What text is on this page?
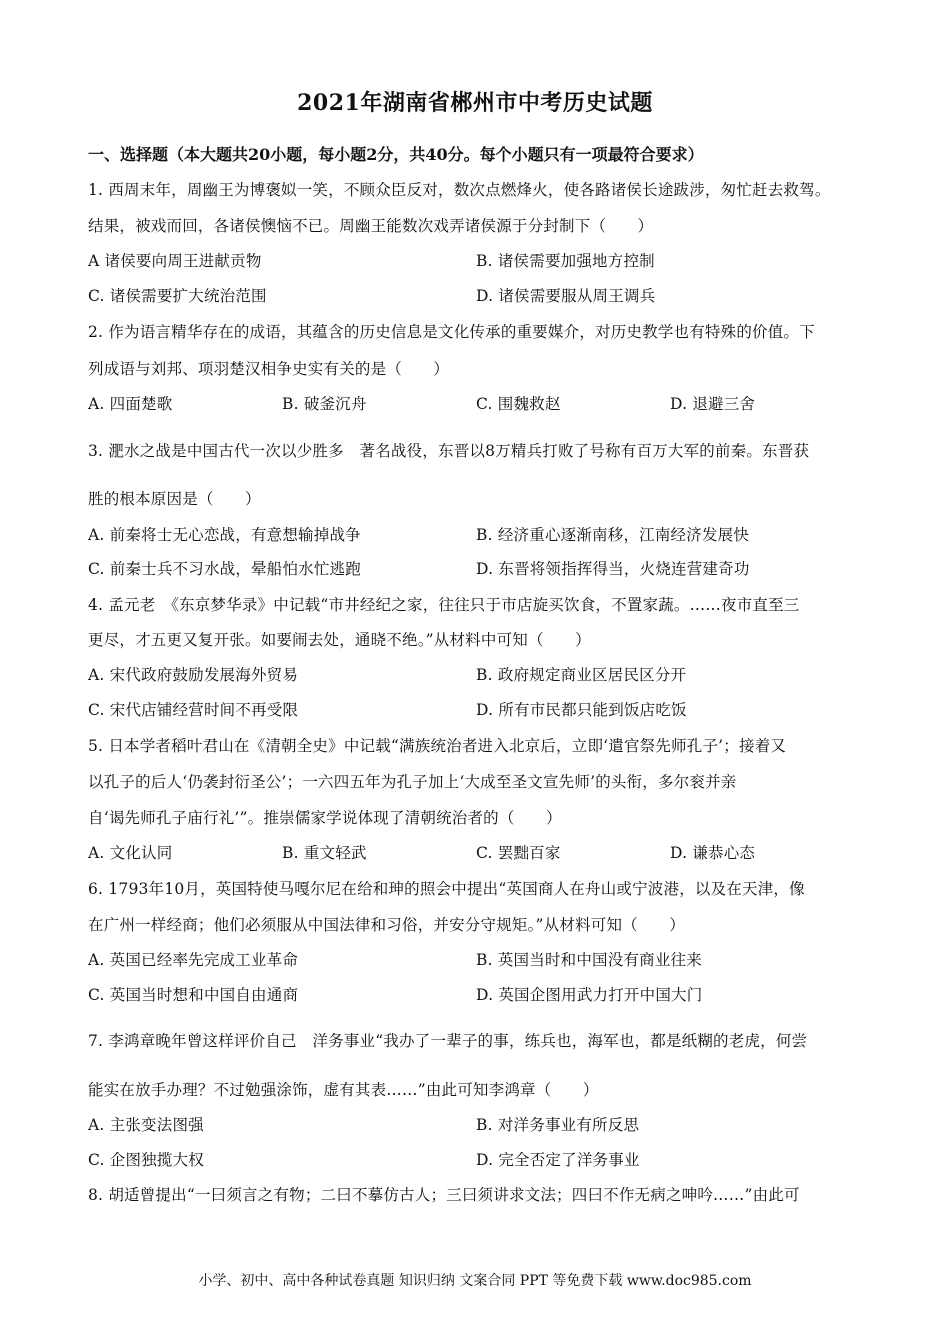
2021年湖南省郴州市中考历史试题
一、选择题（本大题共20小题，每小题2分，共40分。每个小题只有一项最符合要求）
1. 西周末年，周幽王为博褒姒一笑，不顾众臣反对，数次点燃烽火，使各路诸侯长途跋涉，匆忙赶去救驾。
结果，被戏而回，各诸侯懊恼不已。周幽王能数次戏弄诸侯源于分封制下（　　）
A 诸侯要向周王进献贡物	B. 诸侯需要加强地方控制
C. 诸侯需要扩大统治范围	D. 诸侯需要服从周王调兵
2. 作为语言精华存在的成语，其蕴含的历史信息是文化传承的重要媒介，对历史教学也有特殊的价值。下
列成语与刘邦、项羽楚汉相争史实有关的是（　　）
A. 四面楚歌	B. 破釜沉舟	C. 围魏救赵	D. 退避三舍
3. 淝水之战是中国古代一次以少胜多　著名战役，东晋以8万精兵打败了号称有百万大军的前秦。东晋获
胜的根本原因是（　　）
A. 前秦将士无心恋战，有意想输掉战争	B. 经济重心逐渐南移，江南经济发展快
C. 前秦士兵不习水战，晕船怕水忙逃跑	D. 东晋将领指挥得当，火烧连营建奇功
4. 孟元老　《东京梦华录》中记载“市井经纪之家，往往只于市店旋买饮食，不置家蔬。……夜市直至三
更尽，才五更又复开张。如要闹去处，通晓不绝。”从材料中可知（　　）
A. 宋代政府鼓励发展海外贸易	B. 政府规定商业区居民区分开
C. 宋代店铺经营时间不再受限	D. 所有市民都只能到饭店吃饭
5. 日本学者稻叶君山在《清朝全史》中记载“满族统治者进入北京后，立即‘遣官祭先师孔子’；接着又
以孔子的后人‘仍袭封衍圣公’；一六四五年为孔子加上‘大成至圣文宣先师’的头衔，多尔衮并亲
自‘谒先师孔子庙行礼’”。推崇儒家学说体现了清朝统治者的（　　）
A. 文化认同	B. 重文轻武	C. 罢黜百家	D. 谦恭心态
6. 1793年10月，英国特使马嘎尔尼在给和珅的照会中提出“英国商人在舟山或宁波港，以及在天津，像
在广州一样经商；他们必须服从中国法律和习俗，并安分守规矩。”从材料可知（　　）
A. 英国已经率先完成工业革命	B. 英国当时和中国没有商业往来
C. 英国当时想和中国自由通商	D. 英国企图用武力打开中国大门
7. 李鸿章晚年曾这样评价自己　洋务事业“我办了一辈子的事，练兵也，海军也，都是纸糊的老虎，何尝
能实在放手办理？不过勉强涂饰，虚有其表……”由此可知李鸿章（　　）
A. 主张变法图强	B. 对洋务事业有所反思
C. 企图独揽大权	D. 完全否定了洋务事业
8. 胡适曾提出“一曰须言之有物；二曰不摹仿古人；三曰须讲求文法；四曰不作无病之呻吟……”由此可
小学、初中、高中各种试卷真题 知识归纳 文案合同 PPT 等免费下载 www.doc985.com
